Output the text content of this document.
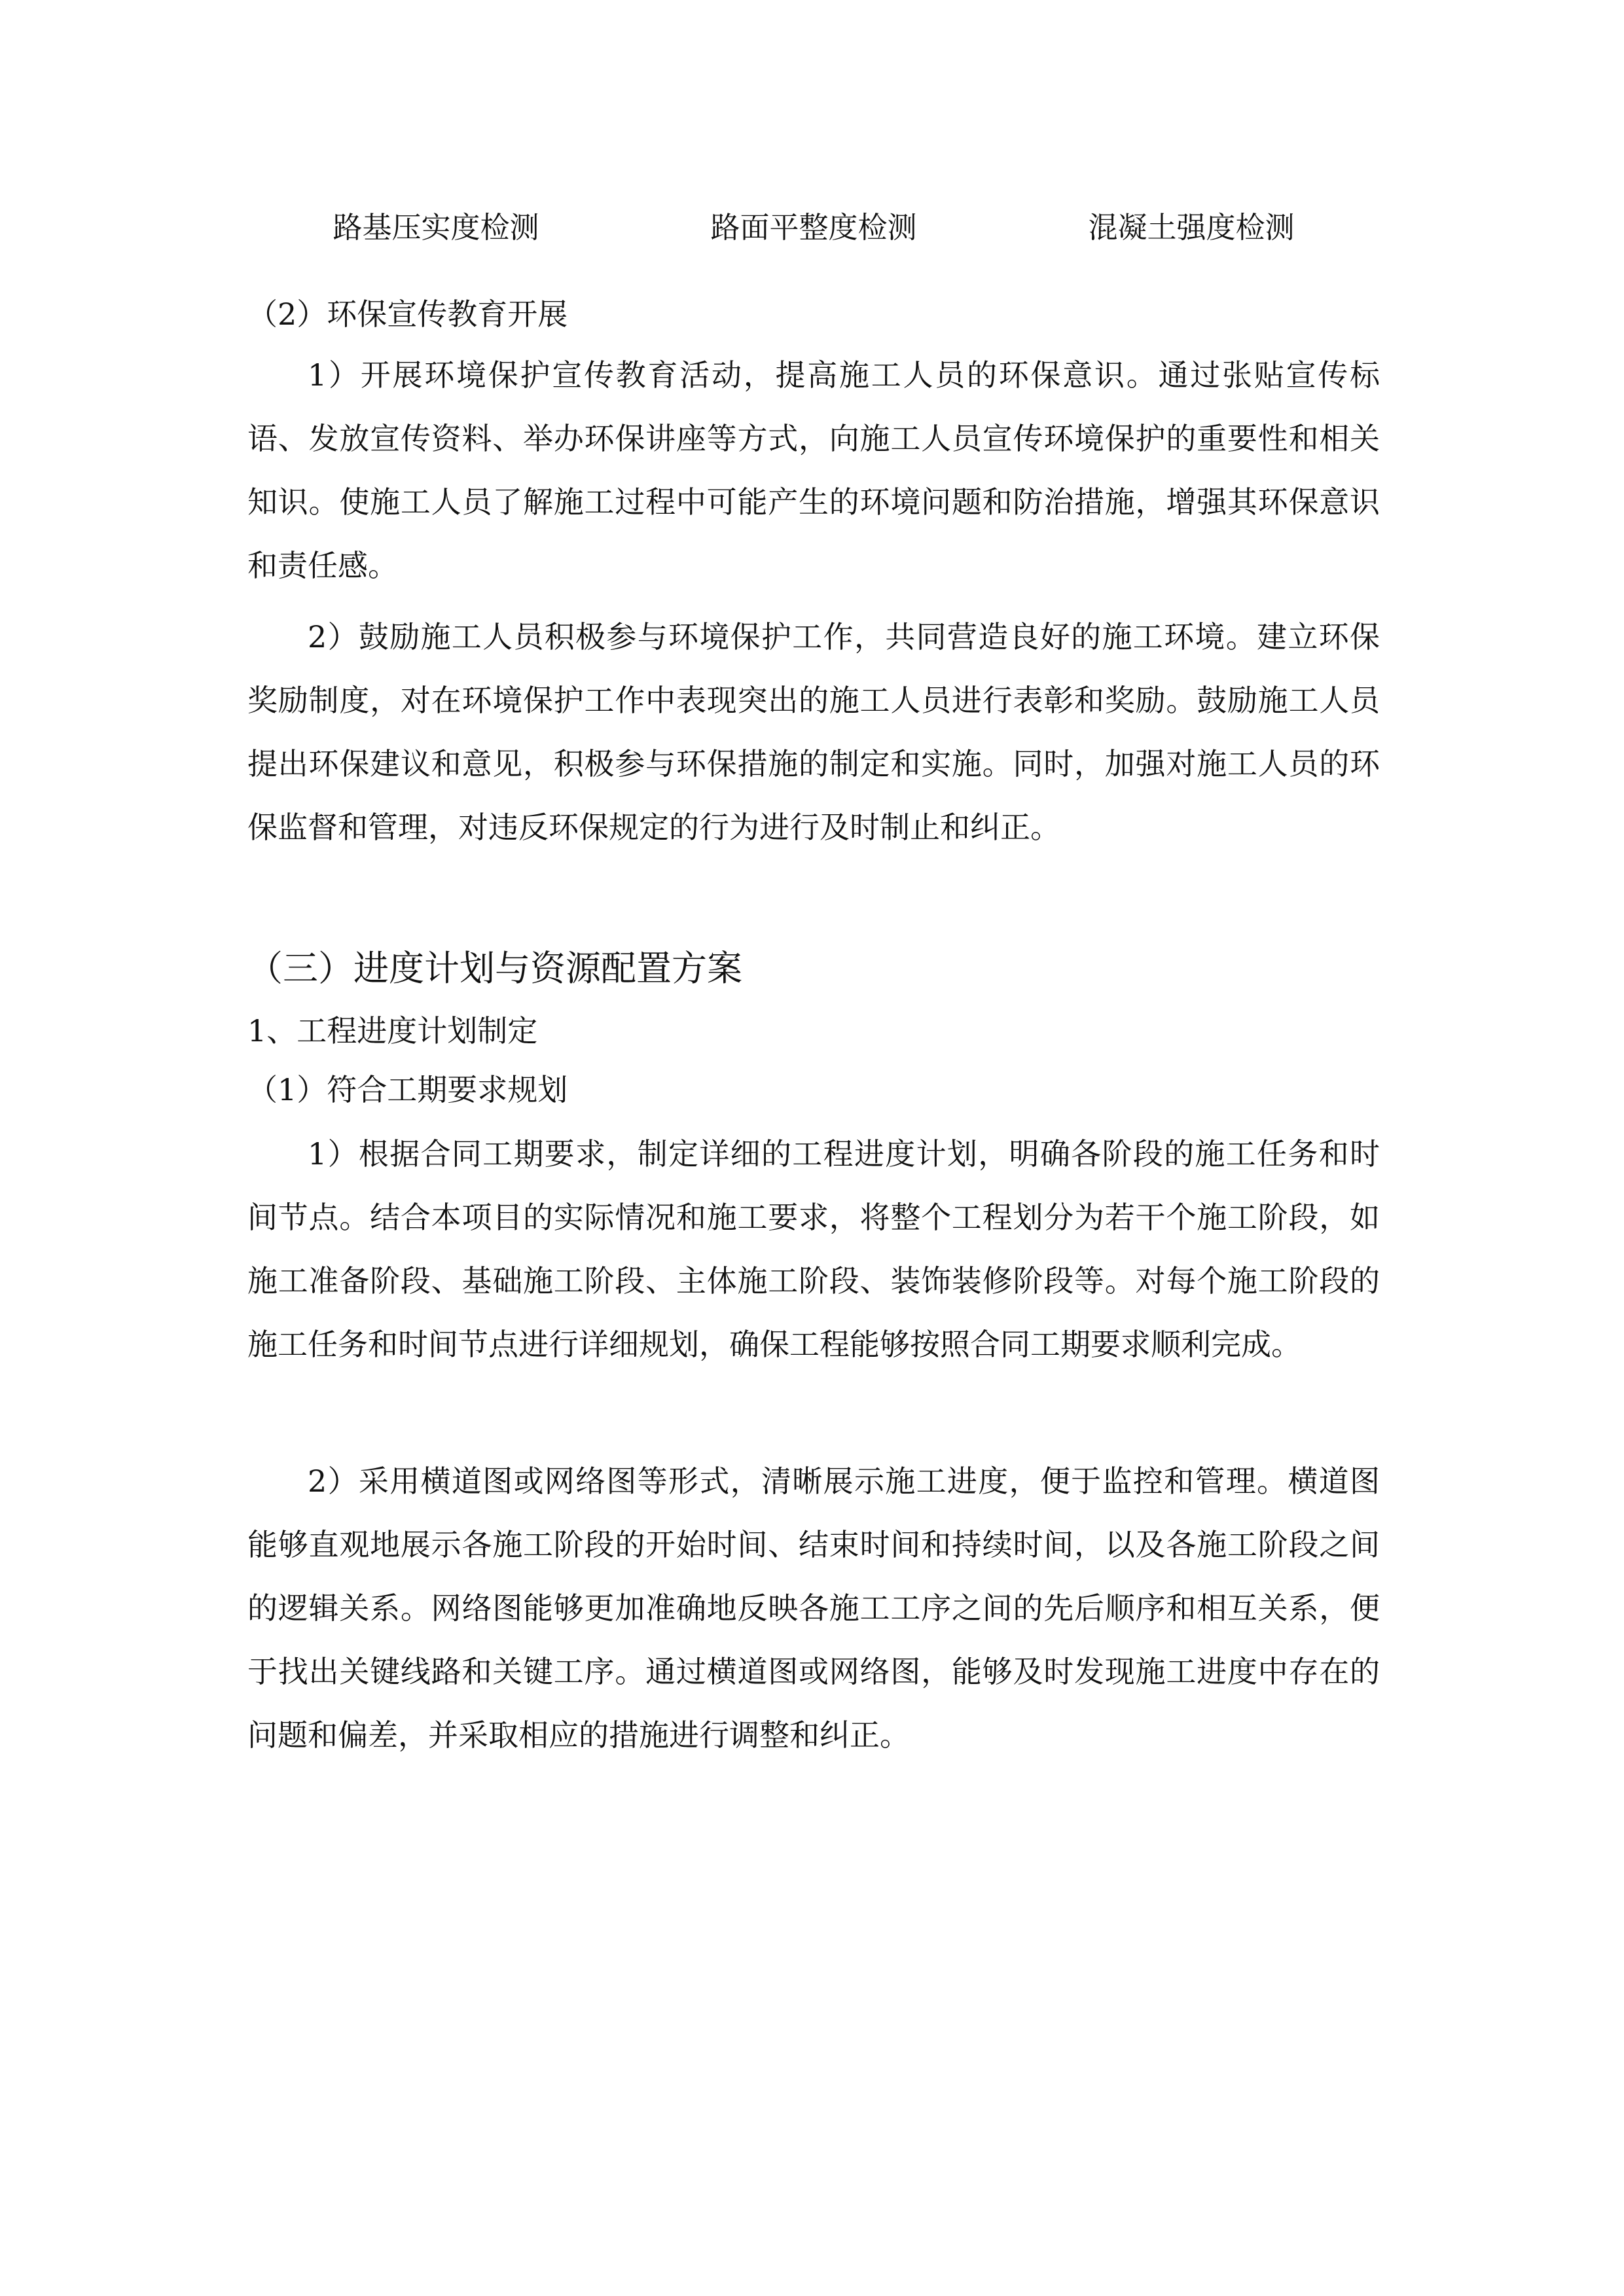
路基压实度检测	路面平整度检测	混凝土强度检测
（2）环保宣传教育开展
1）开展环境保护宣传教育活动，提高施工人员的环保意识。通过张贴宣传标语、发放宣传资料、举办环保讲座等方式，向施工人员宣传环境保护的重要性和相关知识。使施工人员了解施工过程中可能产生的环境问题和防治措施，增强其环保意识和责任感。
2）鼓励施工人员积极参与环境保护工作，共同营造良好的施工环境。建立环保奖励制度，对在环境保护工作中表现突出的施工人员进行表彰和奖励。鼓励施工人员提出环保建议和意见，积极参与环保措施的制定和实施。同时，加强对施工人员的环保监督和管理，对违反环保规定的行为进行及时制止和纠正。
（三）进度计划与资源配置方案
1、工程进度计划制定
（1）符合工期要求规划
1）根据合同工期要求，制定详细的工程进度计划，明确各阶段的施工任务和时间节点。结合本项目的实际情况和施工要求，将整个工程划分为若干个施工阶段，如施工准备阶段、基础施工阶段、主体施工阶段、装饰装修阶段等。对每个施工阶段的施工任务和时间节点进行详细规划，确保工程能够按照合同工期要求顺利完成。
2）采用横道图或网络图等形式，清晰展示施工进度，便于监控和管理。横道图能够直观地展示各施工阶段的开始时间、结束时间和持续时间，以及各施工阶段之间的逻辑关系。网络图能够更加准确地反映各施工工序之间的先后顺序和相互关系，便于找出关键线路和关键工序。通过横道图或网络图，能够及时发现施工进度中存在的问题和偏差，并采取相应的措施进行调整和纠正。
